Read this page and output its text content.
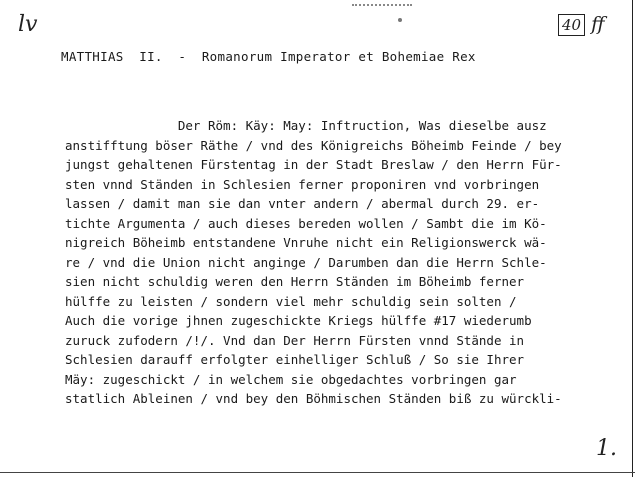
lv	40 ff
MATTHIAS  II.  -  Romanorum Imperator et Bohemiae Rex
Der Röm: Käy: May: Inftruction, Was dieselbe ausz
anstifftung böser Räthe / vnd des Königreichs Böheimb Feinde / bey
jungst gehaltenen Fürstentag in der Stadt Breslaw / den Herrn Für-
sten vnnd Ständen in Schlesien ferner proponiren vnd vorbringen
lassen / damit man sie dan vnter andern / abermal durch 29. er-
tichte Argumenta / auch dieses bereden wollen / Sambt die im Kö-
nigreich Böheimb entstandene Vnruhe nicht ein Religionswerck wä-
re / vnd die Union nicht anginge / Darumben dan die Herrn Schle-
sien nicht schuldig weren den Herrn Ständen im Böheimb ferner
hülffe zu leisten / sondern viel mehr schuldig sein solten /
Auch die vorige jhnen zugeschickte Kriegs hülffe #17 wiederumb
zuruck zufodern /!/. Vnd dan Der Herrn Fürsten vnnd Stände in
Schlesien darauff erfolgter einhelliger Schluß / So sie Ihrer
Mäy: zugeschickt / in welchem sie obgedachtes vorbringen gar
statlich Ableinen / vnd bey den Böhmischen Ständen biß zu würckli-
1.
